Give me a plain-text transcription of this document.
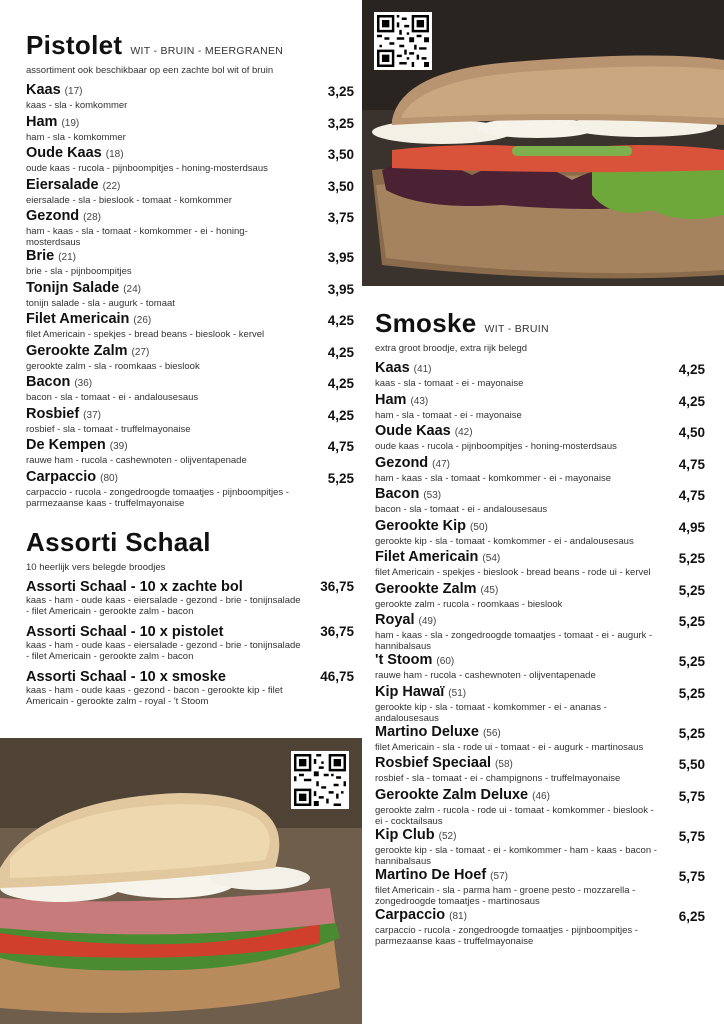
Pistolet WIT - BRUIN - MEERGRANEN
assortiment ook beschikbaar op een zachte bol wit of bruin
Kaas (17)
kaas - sla - komkommer
3,25
Ham (19)
ham - sla - komkommer
3,25
Oude Kaas (18)
oude kaas - rucola - pijnboompitjes - honing-mosterdsaus
3,50
Eiersalade (22)
eiersalade - sla - bieslook - tomaat - komkommer
3,50
Gezond (28)
ham - kaas - sla - tomaat - komkommer - ei - honing-mosterdsaus
3,75
Brie (21)
brie - sla - pijnboompitjes
3,95
Tonijn Salade (24)
tonijn salade - sla - augurk - tomaat
3,95
Filet Americain (26)
filet Americain - spekjes - bread beans - bieslook - kervel
4,25
Gerookte Zalm (27)
gerookte zalm - sla - roomkaas - bieslook
4,25
Bacon (36)
bacon - sla - tomaat - ei - andalousesaus
4,25
Rosbief (37)
rosbief - sla - tomaat - truffelmayonaise
4,25
De Kempen (39)
rauwe ham - rucola - cashewnoten - olijventapenade
4,75
Carpaccio (80)
carpaccio - rucola - zongedroogde tomaatjes - pijnboompitjes - parmezaanse kaas - truffelmayonaise
5,25
Assorti Schaal
10 heerlijk vers belegde broodjes
Assorti Schaal - 10 x zachte bol
kaas - ham - oude kaas - eiersalade - gezond - brie - tonijnsalade - filet Americain - gerookte zalm - bacon
36,75
Assorti Schaal - 10 x pistolet
kaas - ham - oude kaas - eiersalade - gezond - brie - tonijnsalade - filet Americain - gerookte zalm - bacon
36,75
Assorti Schaal - 10 x smoske
kaas - ham - oude kaas - gezond - bacon - gerookte kip - filet Americain - gerookte zalm - royal - 't Stoom
46,75
Smoske WIT - BRUIN
extra groot broodje, extra rijk belegd
Kaas (41)
kaas - sla - tomaat - ei - mayonaise
4,25
Ham (43)
ham - sla - tomaat - ei - mayonaise
4,25
Oude Kaas (42)
oude kaas - rucola - pijnboompitjes - honing-mosterdsaus
4,50
Gezond (47)
ham - kaas - sla - tomaat - komkommer - ei - mayonaise
4,75
Bacon (53)
bacon - sla - tomaat - ei - andalousesaus
4,75
Gerookte Kip (50)
gerookte kip - sla - tomaat - komkommer - ei - andalousesaus
4,95
Filet Americain (54)
filet Americain - spekjes - bieslook - bread beans - rode ui - kervel
5,25
Gerookte Zalm (45)
gerookte zalm - rucola - roomkaas - bieslook
5,25
Royal (49)
ham - kaas - sla - zongedroogde tomaatjes - tomaat - ei - augurk - hannibalsaus
5,25
't Stoom (60)
rauwe ham - rucola - cashewnoten - olijventapenade
5,25
Kip Hawaï (51)
gerookte kip - sla - tomaat - komkommer - ei - ananas - andalousesaus
5,25
Martino Deluxe (56)
filet Americain - sla - rode ui - tomaat - ei - augurk - martinosaus
5,25
Rosbief Speciaal (58)
rosbief - sla - tomaat - ei - champignons - truffelmayonaise
5,50
Gerookte Zalm Deluxe (46)
gerookte zalm - rucola - rode ui - tomaat - komkommer - bieslook - ei - cocktailsaus
5,75
Kip Club (52)
gerookte kip - sla - tomaat - ei - komkommer - ham - kaas - bacon - hannibalsaus
5,75
Martino De Hoef (57)
filet Americain - sla - parma ham - groene pesto - mozzarella - zongedroogde tomaatjes - martinosaus
5,75
Carpaccio (81)
carpaccio - rucola - zongedroogde tomaatjes - pijnboompitjes - parmezaanse kaas - truffelmayonaise
6,25
